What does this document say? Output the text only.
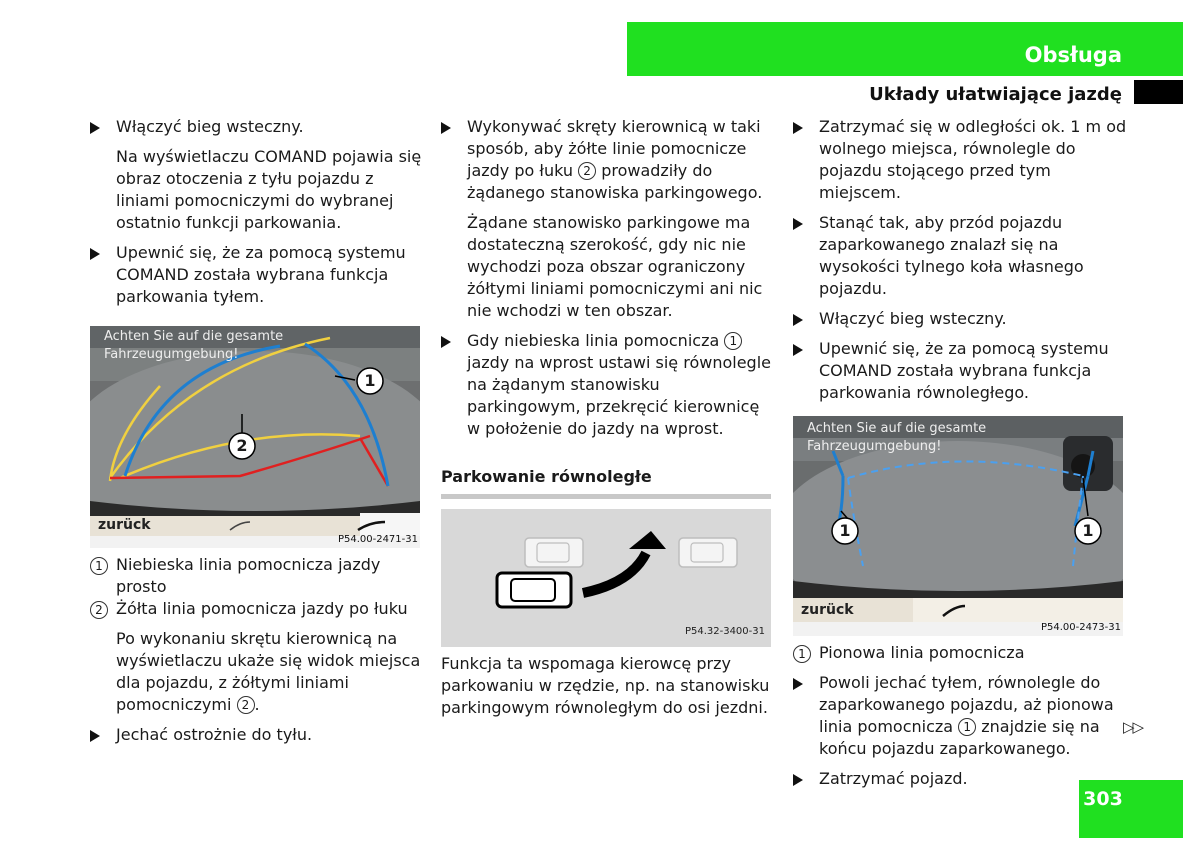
Obsługa
Układy ułatwiające jazdę
Włączyć bieg wsteczny.
Na wyświetlaczu COMAND pojawia się obraz otoczenia z tyłu pojazdu z liniami pomocniczymi do wybranej ostatnio funkcji parkowania.
Upewnić się, że za pomocą systemu COMAND została wybrana funkcja parkowania tyłem.
Achten Sie auf die gesamte Fahrzeugumgebung!
zurück
1
2
P54.00-2471-31
1 Niebieska linia pomocnicza jazdy prosto
2 Żółta linia pomocnicza jazdy po łuku
Po wykonaniu skrętu kierownicą na wyświetlaczu ukaże się widok miejsca dla pojazdu, z żółtymi liniami pomocniczymi 2 .
Jechać ostrożnie do tyłu.
Wykonywać skręty kierownicą w taki sposób, aby żółte linie pomocnicze jazdy po łuku 2 prowadziły do żądanego stanowiska parkingowego.
Żądane stanowisko parkingowe ma dostateczną szerokość, gdy nic nie wychodzi poza obszar ograniczony żółtymi liniami pomocniczymi ani nic nie wchodzi w ten obszar.
Gdy niebieska linia pomocnicza 1 jazdy na wprost ustawi się równolegle na żądanym stanowisku parkingowym, przekręcić kierownicę w położenie do jazdy na wprost.
Parkowanie równoległe
P54.32-3400-31
Funkcja ta wspomaga kierowcę przy parkowaniu w rzędzie, np. na stanowisku parkingowym równoległym do osi jezdni.
Zatrzymać się w odległości ok. 1 m od wolnego miejsca, równolegle do pojazdu stojącego przed tym miejscem.
Stanąć tak, aby przód pojazdu zaparkowanego znalazł się na wysokości tylnego koła własnego pojazdu.
Włączyć bieg wsteczny.
Upewnić się, że za pomocą systemu COMAND została wybrana funkcja parkowania równoległego.
Achten Sie auf die gesamte Fahrzeugumgebung!
zurück
1	1
P54.00-2473-31
1 Pionowa linia pomocnicza
Powoli jechać tyłem, równolegle do zaparkowanego pojazdu, aż pionowa linia pomocnicza 1 znajdzie się na końcu pojazdu zaparkowanego.
Zatrzymać pojazd.
▷▷
303
